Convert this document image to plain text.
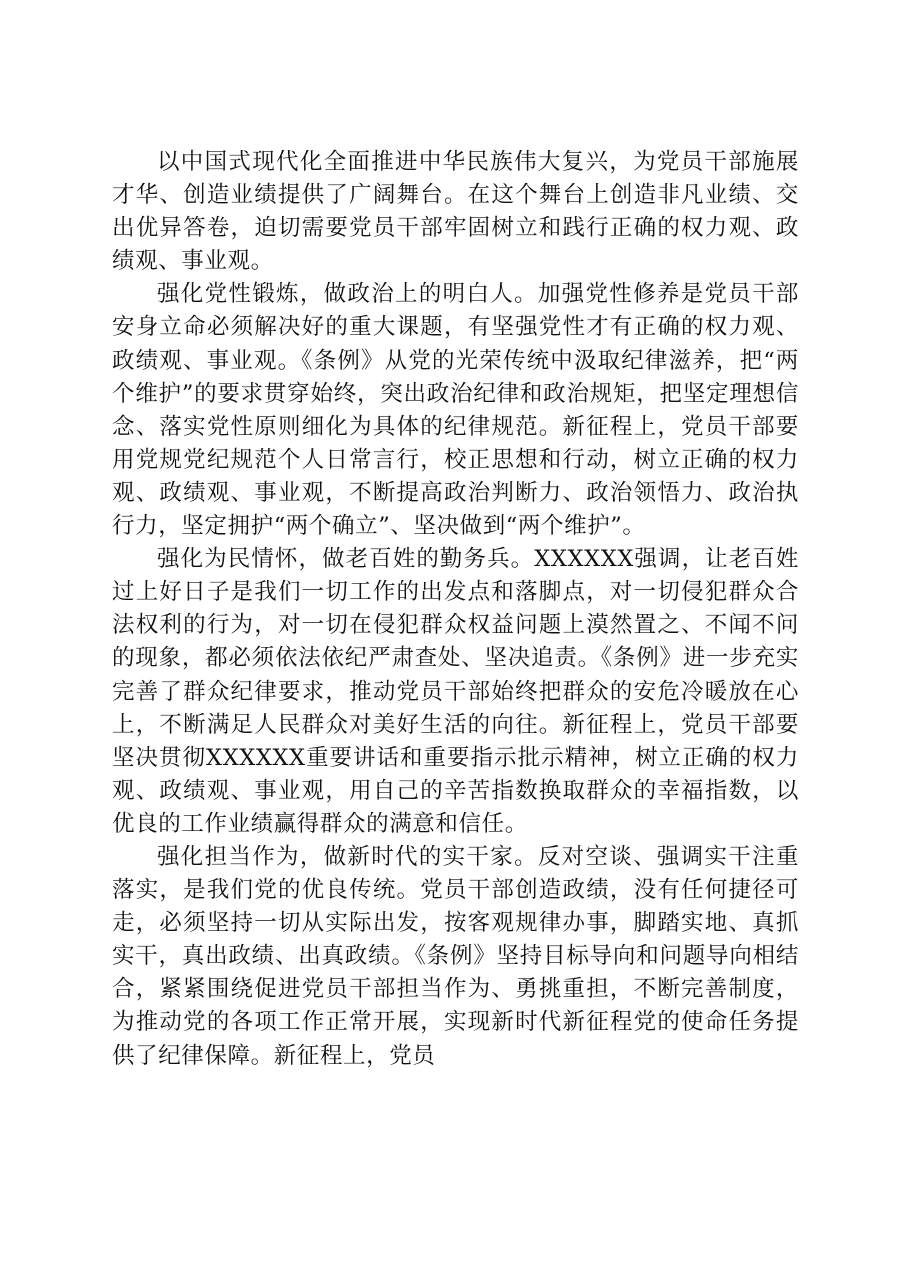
以中国式现代化全面推进中华民族伟大复兴，为党员干部施展才华、创造业绩提供了广阔舞台。在这个舞台上创造非凡业绩、交出优异答卷，迫切需要党员干部牢固树立和践行正确的权力观、政绩观、事业观。

强化党性锻炼，做政治上的明白人。加强党性修养是党员干部安身立命必须解决好的重大课题，有坚强党性才有正确的权力观、政绩观、事业观。《条例》从党的光荣传统中汲取纪律滋养，把“两个维护”的要求贯穿始终，突出政治纪律和政治规矩，把坚定理想信念、落实党性原则细化为具体的纪律规范。新征程上，党员干部要用党规党纪规范个人日常言行，校正思想和行动，树立正确的权力观、政绩观、事业观，不断提高政治判断力、政治领悟力、政治执行力，坚定拥护“两个确立”、坚决做到“两个维护”。

强化为民情怀，做老百姓的勤务兵。XXXXXX强调，让老百姓过上好日子是我们一切工作的出发点和落脚点，对一切侵犯群众合法权利的行为，对一切在侵犯群众权益问题上漠然置之、不闻不问的现象，都必须依法依纪严肃查处、坚决追责。《条例》进一步充实完善了群众纪律要求，推动党员干部始终把群众的安危冷暖放在心上，不断满足人民群众对美好生活的向往。新征程上，党员干部要坚决贯彻XXXXXX重要讲话和重要指示批示精神，树立正确的权力观、政绩观、事业观，用自己的辛苦指数换取群众的幸福指数，以优良的工作业绩赢得群众的满意和信任。

强化担当作为，做新时代的实干家。反对空谈、强调实干注重落实，是我们党的优良传统。党员干部创造政绩，没有任何捷径可走，必须坚持一切从实际出发，按客观规律办事，脚踏实地、真抓实干，真出政绩、出真政绩。《条例》坚持目标导向和问题导向相结合，紧紧围绕促进党员干部担当作为、勇挑重担，不断完善制度，为推动党的各项工作正常开展，实现新时代新征程党的使命任务提供了纪律保障。新征程上，党员
